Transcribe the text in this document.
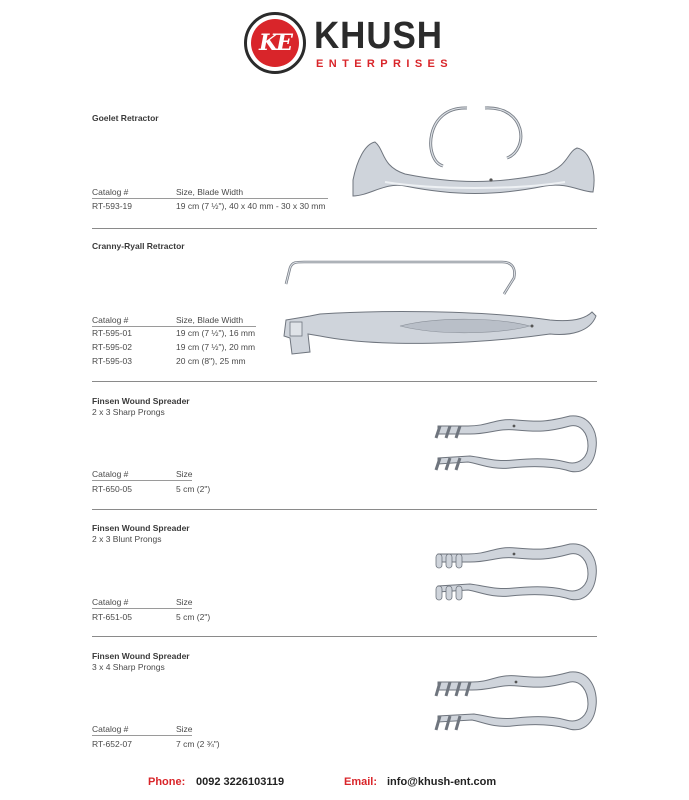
KE KHUSH
ENTERPRISES
Goelet Retractor
Catalog #	Size, Blade Width
RT-593-19	19 cm (7 ½"), 40 x 40 mm - 30 x 30 mm
Cranny-Ryall Retractor
Catalog #	Size, Blade Width
RT-595-01	19 cm (7 ½"), 16 mm
RT-595-02	19 cm (7 ½"), 20 mm
RT-595-03	20 cm (8"), 25 mm
Finsen Wound Spreader
2 x 3 Sharp Prongs
Catalog #	Size
RT-650-05	5 cm (2")
Finsen Wound Spreader
2 x 3 Blunt Prongs
Catalog #	Size
RT-651-05	5 cm (2")
Finsen Wound Spreader
3 x 4 Sharp Prongs
Catalog #	Size
RT-652-07	7 cm (2 ¾")
Phone: 0092 3226103119	Email: info@khush-ent.com
